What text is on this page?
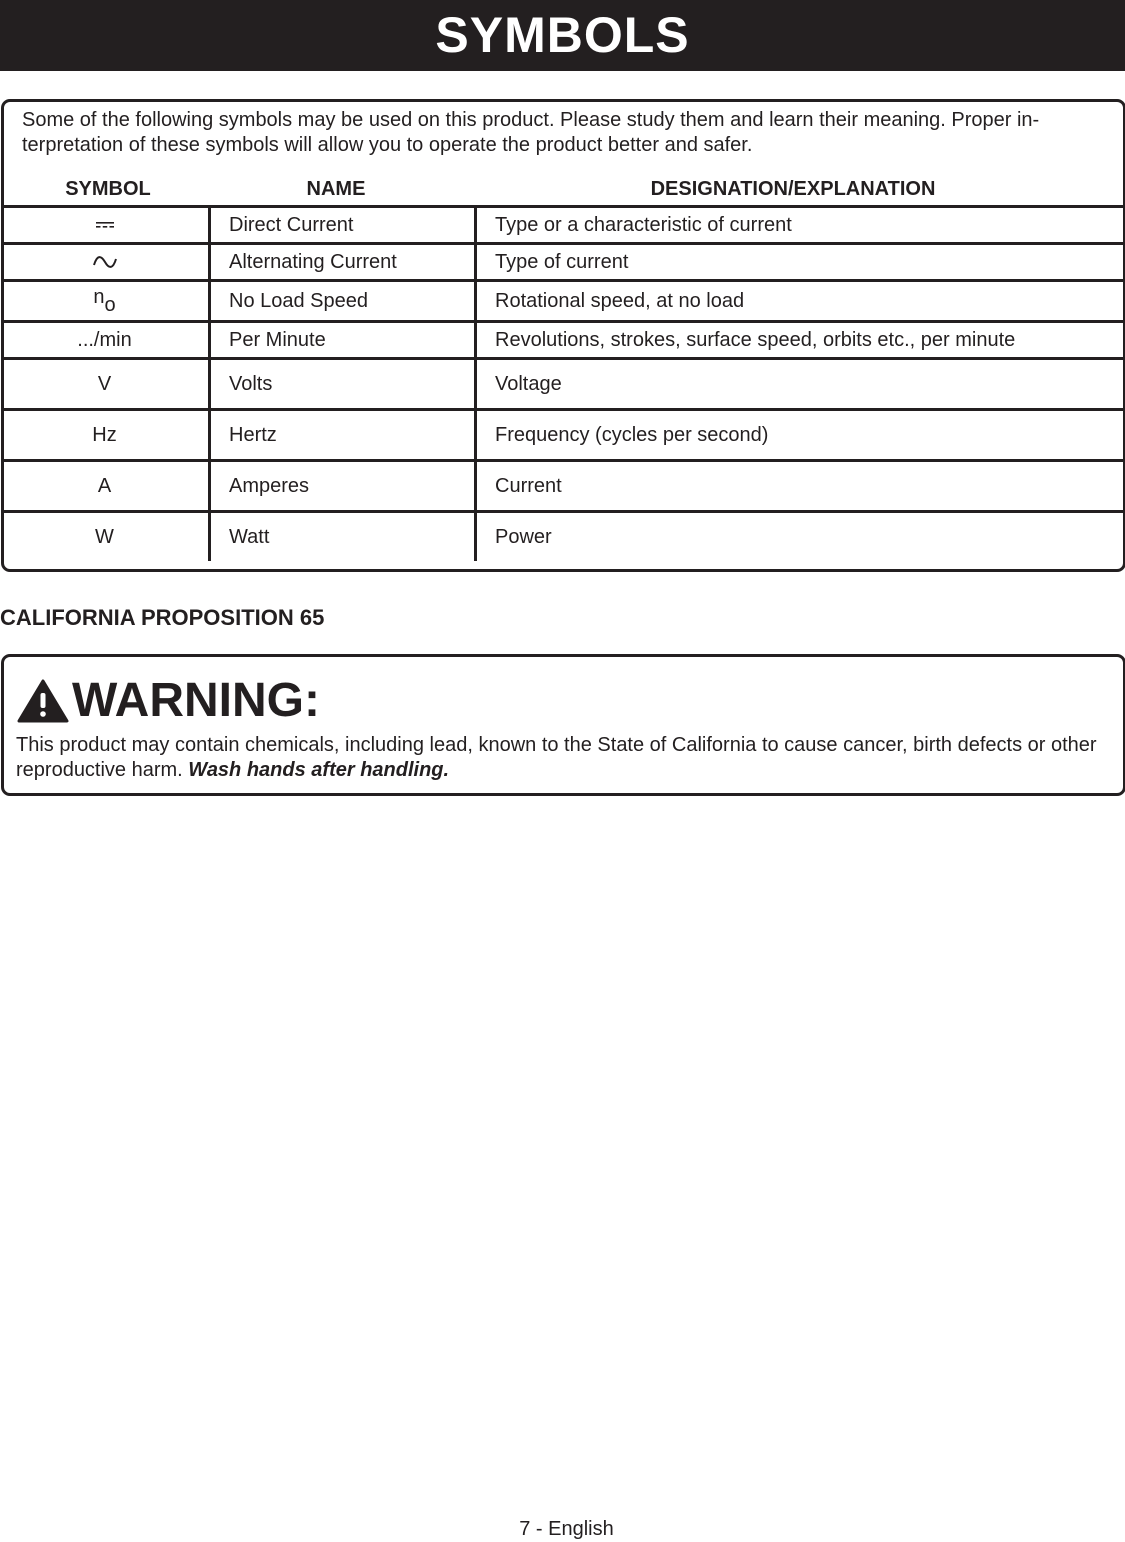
SYMBOLS

Some of the following symbols may be used on this product. Please study them and learn their meaning. Proper in-terpretation of these symbols will allow you to operate the product better and safer.

SYMBOL	NAME	DESIGNATION/EXPLANATION
	Direct Current	Type or a characteristic of current
	Alternating Current	Type of current
no	No Load Speed	Rotational speed, at no load
.../min	Per Minute	Revolutions, strokes, surface speed, orbits etc., per minute
V	Volts	Voltage
Hz	Hertz	Frequency (cycles per second)
A	Amperes	Current
W	Watt	Power
CALIFORNIA PROPOSITION 65
WARNING:

This product may contain chemicals, including lead, known to the State of California to cause cancer, birth defects or other reproductive harm. Wash hands after handling.

7 - English
